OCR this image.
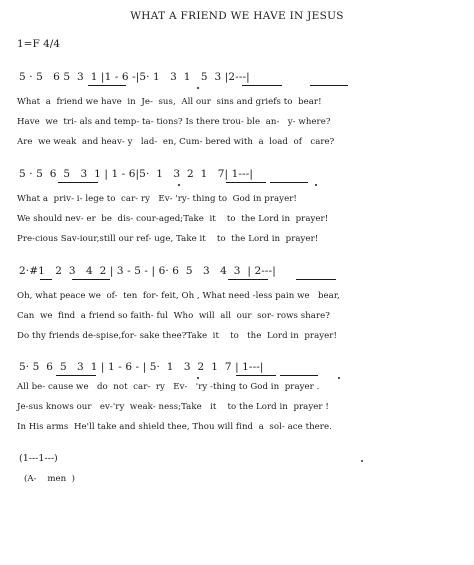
WHAT A FRIEND WE HAVE IN JESUS
1=F 4/4
5 · 5   6 5  3  1 |1 - 6 -|5· 1   3  1   5  3 |2---|
What  a  friend we have  in  Je-  sus,  All our  sins and griefs to  bear!
Have  we  tri- als and temp- ta- tions? Is there trou- ble  an-   y- where?
Are  we weak  and heav- y   lad-  en, Cum- bered with  a  load  of   care?
5 · 5  6  5   3  1 | 1 - 6|5·  1   3  2  1   7| 1---|
What a  priv- i- lege to  car- ry   Ev- 'ry- thing to  God in prayer!
We should nev- er  be  dis- cour-aged;Take  it    to  the Lord in  prayer!
Pre-cious Sav-iour,still our ref- uge, Take it    to  the Lord in  prayer!
2·#1   2  3   4  2 | 3 - 5 - | 6· 6  5   3   4  3  | 2---|
Oh, what peace we  of-  ten  for- feit, Oh , What need -less pain we   bear,
Can  we  find  a friend so faith- ful  Who  will  all  our  sor- rows share?
Do thy friends de-spise,for- sake thee?Take  it    to   the  Lord in  prayer!
5· 5  6  5   3  1 | 1 - 6 - | 5·  1   3  2  1  7 | 1---|
All be- cause we   do  not  car-  ry   Ev-   'ry -thing to God in  prayer .
Je-sus knows our   ev-'ry  weak- ness;Take   it    to the Lord in  prayer !
In His arms  He'll take and shield thee, Thou will find  a  sol- ace there.
(1---1---)
(A-    men  )
